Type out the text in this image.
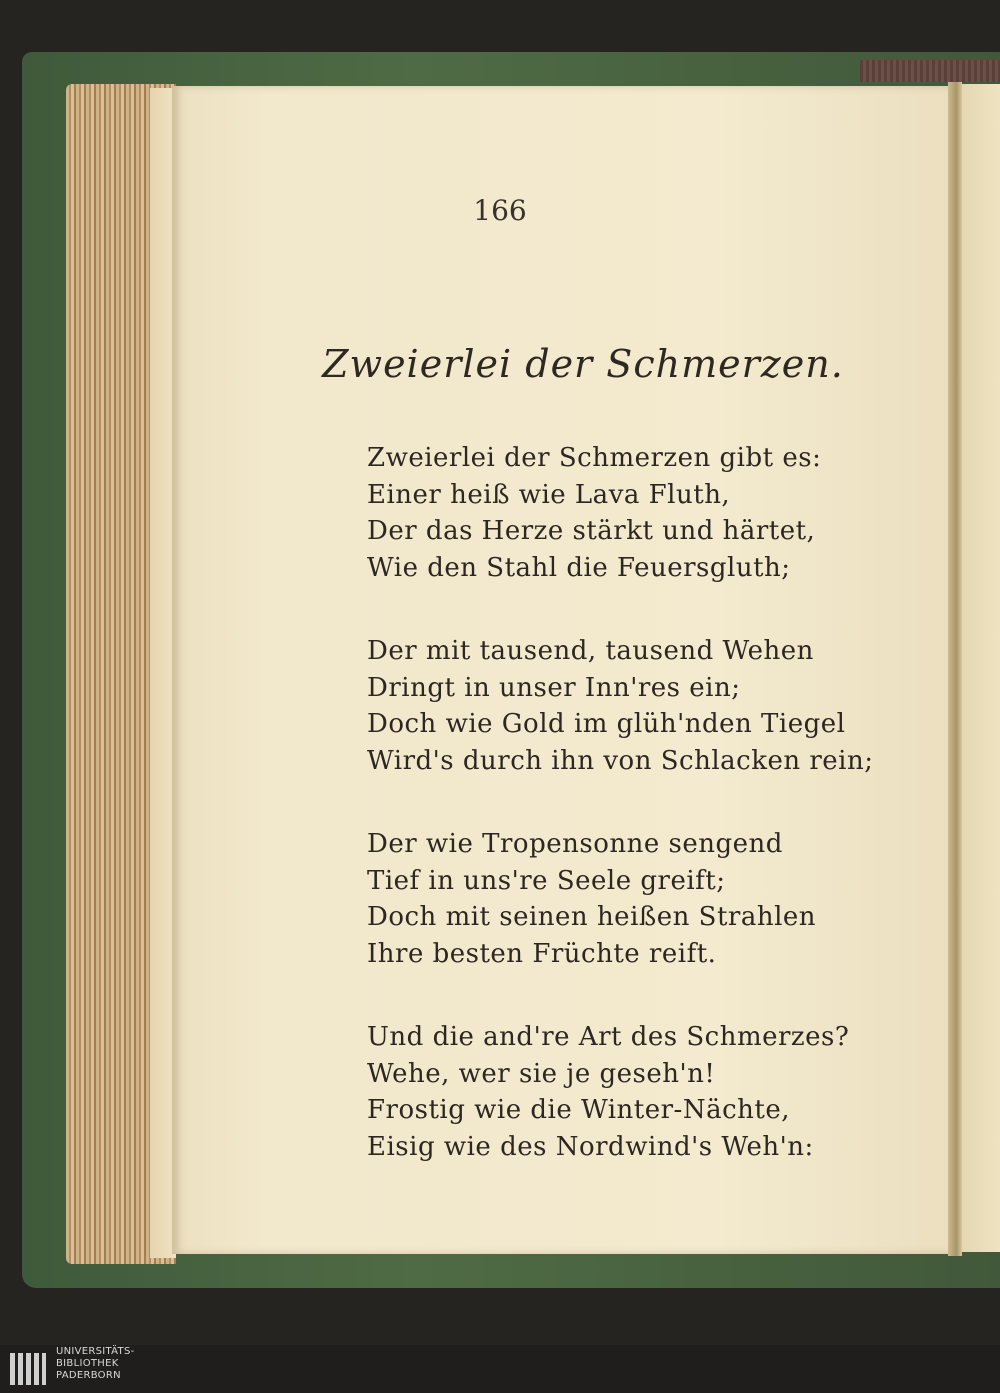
166
Zweierlei der Schmerzen.
Zweierlei der Schmerzen gibt es:
Einer heiß wie Lava Fluth,
Der das Herze stärkt und härtet,
Wie den Stahl die Feuersgluth;
Der mit tausend, tausend Wehen
Dringt in unser Inn'res ein;
Doch wie Gold im glüh'nden Tiegel
Wird's durch ihn von Schlacken rein;
Der wie Tropensonne sengend
Tief in uns're Seele greift;
Doch mit seinen heißen Strahlen
Ihre besten Früchte reift.
Und die and're Art des Schmerzes?
Wehe, wer sie je geseh'n!
Frostig wie die Winter-Nächte,
Eisig wie des Nordwind's Weh'n:
UNIVERSITÄTS-
BIBLIOTHEK
PADERBORN
